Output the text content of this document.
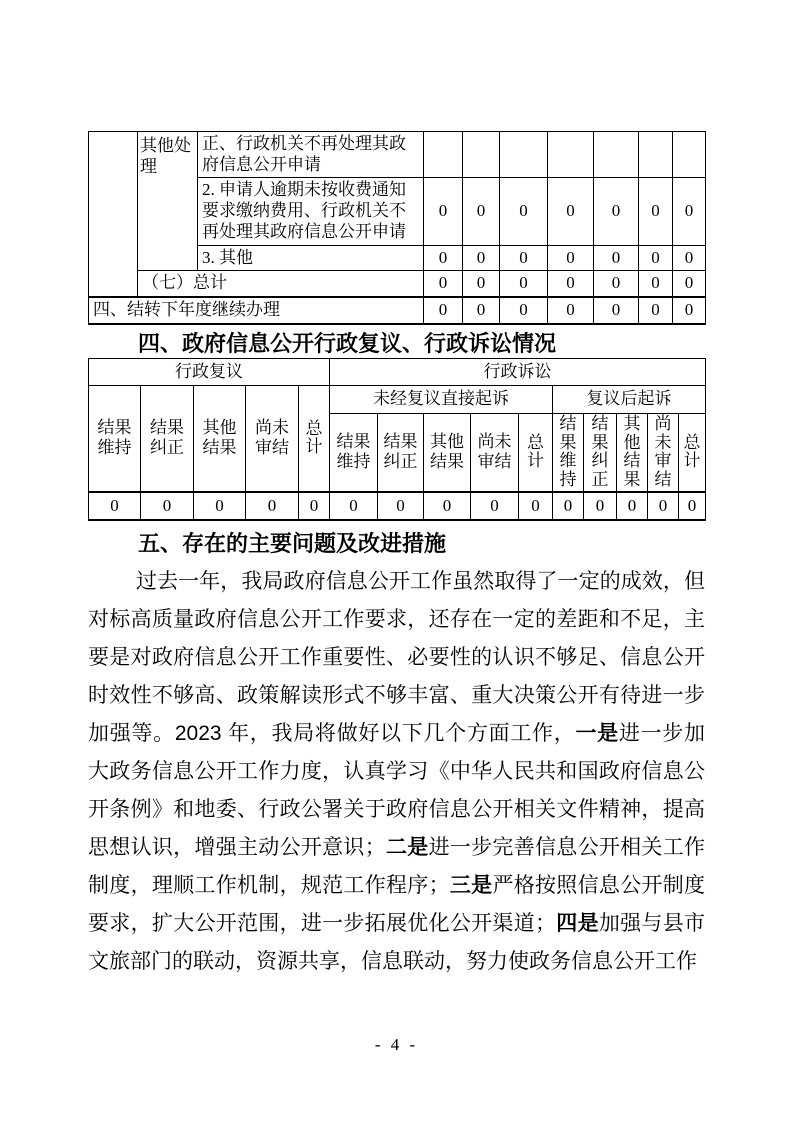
	其他处理	正、行政机关不再处理其政府信息公开申请							
		2. 申请人逾期未按收费通知要求缴纳费用、行政机关不再处理其政府信息公开申请	0	0	0	0	0	0	0
		3. 其他	0	0	0	0	0	0	0
	（七）总计		0	0	0	0	0	0	0
四、结转下年度继续办理			0	0	0	0	0	0	0
四、政府信息公开行政复议、行政诉讼情况
行政复议					行政诉讼									
结果维持	结果纠正	其他结果	尚未审结	总计	未经复议直接起诉					复议后起诉				
					结果维持	结果纠正	其他结果	尚未审结	总计	结果维持	结果纠正	其他结果	尚未审结	总计
0	0	0	0	0	0	0	0	0	0	0	0	0	0	0
五、存在的主要问题及改进措施

过去一年，我局政府信息公开工作虽然取得了一定的成效，但对标高质量政府信息公开工作要求，还存在一定的差距和不足，主要是对政府信息公开工作重要性、必要性的认识不够足、信息公开时效性不够高、政策解读形式不够丰富、重大决策公开有待进一步加强等。2023 年，我局将做好以下几个方面工作，一是进一步加大政务信息公开工作力度，认真学习《中华人民共和国政府信息公开条例》和地委、行政公署关于政府信息公开相关文件精神，提高思想认识，增强主动公开意识；二是进一步完善信息公开相关工作制度，理顺工作机制，规范工作程序；三是严格按照信息公开制度要求，扩大公开范围，进一步拓展优化公开渠道；四是加强与县市文旅部门的联动，资源共享，信息联动，努力使政务信息公开工作

- 4 -
